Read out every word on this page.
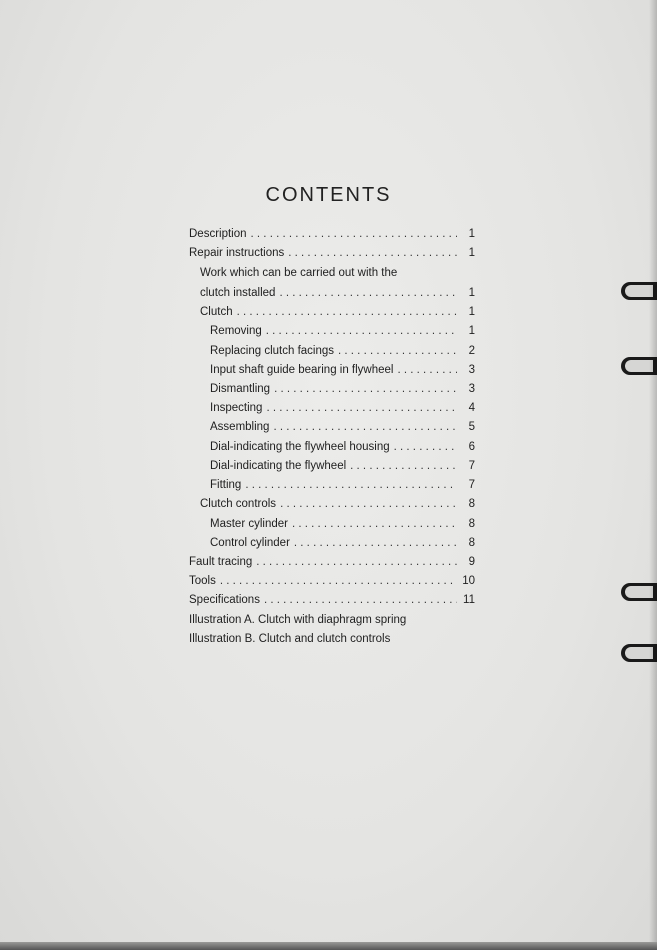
CONTENTS
Description . . .	1
Repair instructions . . .	1
Work which can be carried out with the
clutch installed . . .	1
Clutch . . .	1
Removing . . .	1
Replacing clutch facings . . .	2
Input shaft guide bearing in flywheel . . .	3
Dismantling . . .	3
Inspecting . . .	4
Assembling . . .	5
Dial-indicating the flywheel housing . . .	6
Dial-indicating the flywheel . . .	7
Fitting . . .	7
Clutch controls . . .	8
Master cylinder . . .	8
Control cylinder . . .	8
Fault tracing . . .	9
Tools . . .	10
Specifications . . .	11
Illustration A. Clutch with diaphragm spring
Illustration B. Clutch and clutch controls
